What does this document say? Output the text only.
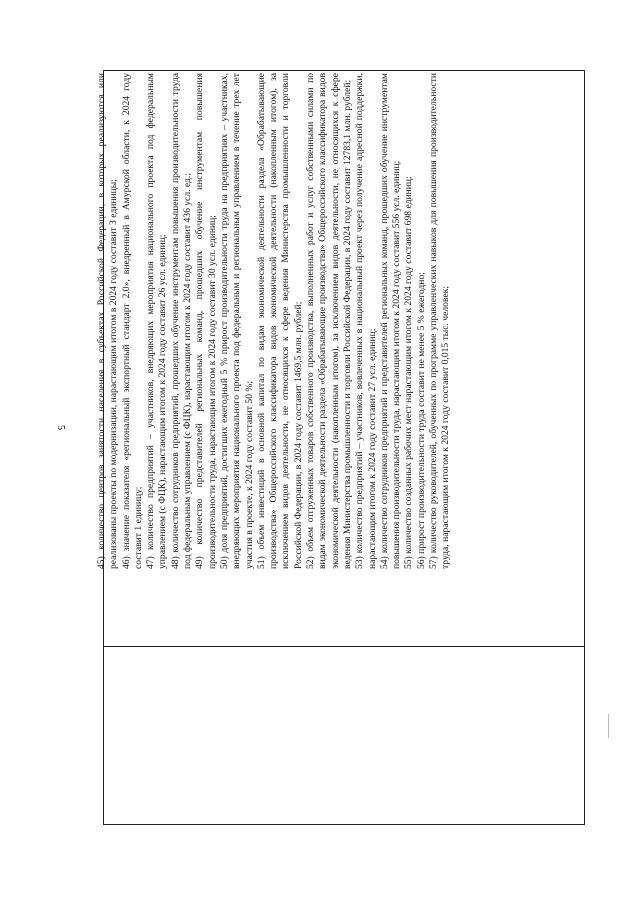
5	45) количество центров занятости населения в субъектах Российской Федерации, в которых реализуются или реализованы проекты по модернизации, нарастающим итогом в 2024 году составит 3 единицы; 46) значение показателя «региональный экспортный стандарт 2.0», внедренный в Амурской области, к 2024 году составит 1 единицу; 47) количество предприятий – участников, внедряющих мероприятия национального проекта под федеральным управлением (с ФЦК), нарастающим итогом к 2024 году составит 26 усл. единиц; 48) количество сотрудников предприятий, прошедших обучение инструментам повышения производительности труда под федеральным управлением (с ФЦК), нарастающим итогом к 2024 году составит 436 усл. ед.; 49) количество представителей региональных команд, прошедших обучение инструментам повышения производительности труда, нарастающим итогом к 2024 году составит 30 усл. единиц; 50) доля предприятий, достигших ежегодный 5 % прирост производительности труда на предприятиях – участниках, внедряющих мероприятия национального проекта под федеральным и региональным управлением в течение трех лет участия в проекте, к 2024 году составит 50 %; 51) объем инвестиций в основной капитал по видам экономической деятельности раздела «Обрабатывающие производства» Общероссийского классификатора видов экономической деятельности (накопленным итогом), за исключением видов деятельности, не относящихся к сфере ведения Министерства промышленности и торговли Российской Федерации, в 2024 году составит 1469,5 млн. рублей; 52) объем отгруженных товаров собственного производства, выполненных работ и услуг собственными силами по видам экономической деятельности раздела «Обрабатывающие производства» Общероссийского классификатора видов экономической деятельности (накопленным итогом), за исключением видов деятельности, не относящихся к сфере ведения Министерства промышленности и торговли Российской Федерации, в 2024 году составит 12783,1 млн. рублей; 53) количество предприятий – участников, вовлеченных в национальный проект через получение адресной поддержки, нарастающим итогом к 2024 году составит 27 усл. единиц; 54) количество сотрудников предприятий и представителей региональных команд, прошедших обучение инструментам повышения производительности труда, нарастающим итогом к 2024 году составит 556 усл. единиц; 55) количество созданных рабочих мест нарастающим итогом к 2024 году составит 698 единиц; 56) прирост производительности труда составит не менее 5 % ежегодно; 57) количество руководителей, обученных по программе управленческих навыков для повышения производительности труда, нарастающим итогом к 2024 году составит 0,015 тыс. человек;
